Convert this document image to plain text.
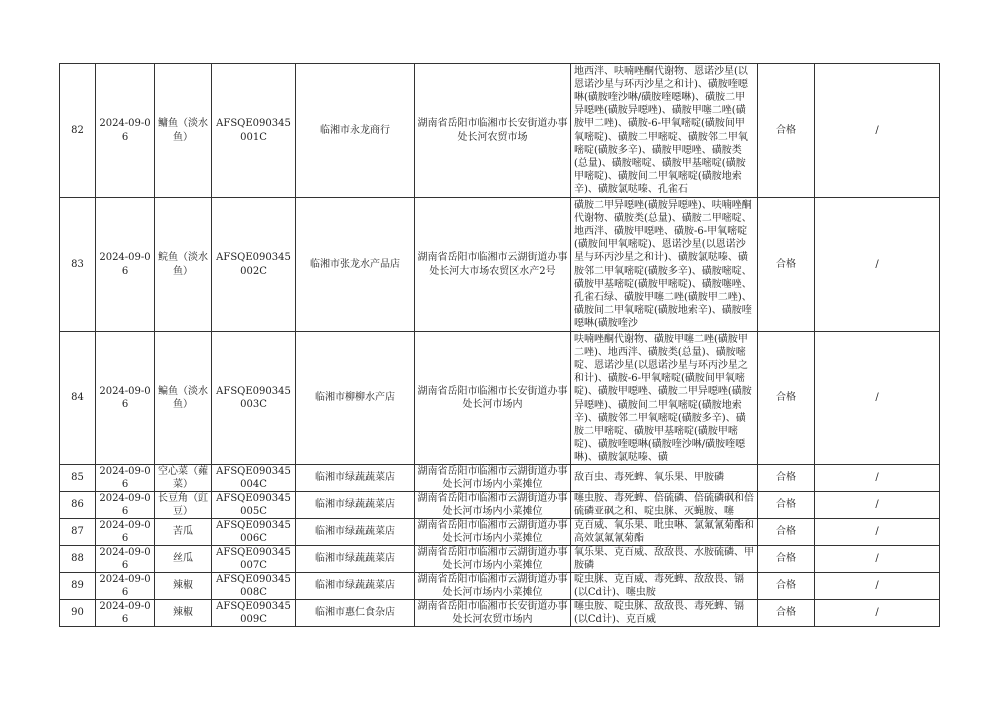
82	2024-09-06	鳙鱼（淡水鱼）	AFSQE090345001C	临湘市永龙商行	湖南省岳阳市临湘市长安街道办事处长河农贸市场	地西泮、呋喃唑酮代谢物、恩诺沙星(以恩诺沙星与环丙沙星之和计)、磺胺喹噁啉(磺胺喹沙啉/磺胺喹噁啉)、磺胺二甲异噁唑(磺胺异噁唑)、磺胺甲噻二唑(磺胺甲二唑)、磺胺-6-甲氧嘧啶(磺胺间甲氧嘧啶)、磺胺二甲嘧啶、磺胺邻二甲氧嘧啶(磺胺多辛)、磺胺甲噁唑、磺胺类(总量)、磺胺嘧啶、磺胺甲基嘧啶(磺胺甲嘧啶)、磺胺间二甲氧嘧啶(磺胺地索辛)、磺胺氯哒嗪、孔雀石	合格	/

83	2024-09-06	鲩鱼（淡水鱼）	AFSQE090345002C	临湘市张龙水产品店	湖南省岳阳市临湘市云湖街道办事处长河大市场农贸区水产2号	磺胺二甲异噁唑(磺胺异噁唑)、呋喃唑酮代谢物、磺胺类(总量)、磺胺二甲嘧啶、地西泮、磺胺甲噁唑、磺胺-6-甲氧嘧啶(磺胺间甲氧嘧啶)、恩诺沙星(以恩诺沙星与环丙沙星之和计)、磺胺氯哒嗪、磺胺邻二甲氧嘧啶(磺胺多辛)、磺胺嘧啶、磺胺甲基嘧啶(磺胺甲嘧啶)、磺胺噻唑、孔雀石绿、磺胺甲噻二唑(磺胺甲二唑)、磺胺间二甲氧嘧啶(磺胺地索辛)、磺胺喹噁啉(磺胺喹沙	合格	/

84	2024-09-06	鳊鱼（淡水鱼）	AFSQE090345003C	临湘市柳柳水产店	湖南省岳阳市临湘市长安街道办事处长河市场内	呋喃唑酮代谢物、磺胺甲噻二唑(磺胺甲二唑)、地西泮、磺胺类(总量)、磺胺嘧啶、恩诺沙星(以恩诺沙星与环丙沙星之和计)、磺胺-6-甲氧嘧啶(磺胺间甲氧嘧啶)、磺胺甲噁唑、磺胺二甲异噁唑(磺胺异噁唑)、磺胺间二甲氧嘧啶(磺胺地索辛)、磺胺邻二甲氧嘧啶(磺胺多辛)、磺胺二甲嘧啶、磺胺甲基嘧啶(磺胺甲嘧啶)、磺胺喹噁啉(磺胺喹沙啉/磺胺喹噁啉)、磺胺氯哒嗪、磺	合格	/

85	2024-09-06	空心菜（蕹菜）	AFSQE090345004C	临湘市绿蔬蔬菜店	湖南省岳阳市临湘市云湖街道办事处长河市场内小菜摊位	敌百虫、毒死蜱、氧乐果、甲胺磷	合格	/

86	2024-09-06	长豆角（豇豆）	AFSQE090345005C	临湘市绿蔬蔬菜店	湖南省岳阳市临湘市云湖街道办事处长河市场内小菜摊位	噻虫胺、毒死蜱、倍硫磷、倍硫磷砜和倍硫磷亚砜之和、啶虫脒、灭蝇胺、噻	合格	/

87	2024-09-06	苦瓜	AFSQE090345006C	临湘市绿蔬蔬菜店	湖南省岳阳市临湘市云湖街道办事处长河市场内小菜摊位	克百威、氧乐果、吡虫啉、氯氟氰菊酯和高效氯氟氰菊酯	合格	/

88	2024-09-06	丝瓜	AFSQE090345007C	临湘市绿蔬蔬菜店	湖南省岳阳市临湘市云湖街道办事处长河市场内小菜摊位	氧乐果、克百威、敌敌畏、水胺硫磷、甲胺磷	合格	/

89	2024-09-06	辣椒	AFSQE090345008C	临湘市绿蔬蔬菜店	湖南省岳阳市临湘市云湖街道办事处长河市场内小菜摊位	啶虫脒、克百威、毒死蜱、敌敌畏、镉(以Cd计)、噻虫胺	合格	/

90	2024-09-06	辣椒	AFSQE090345009C	临湘市惠仁食杂店	湖南省岳阳市临湘市长安街道办事处长河农贸市场内	噻虫胺、啶虫脒、敌敌畏、毒死蜱、镉(以Cd计)、克百威	合格	/
